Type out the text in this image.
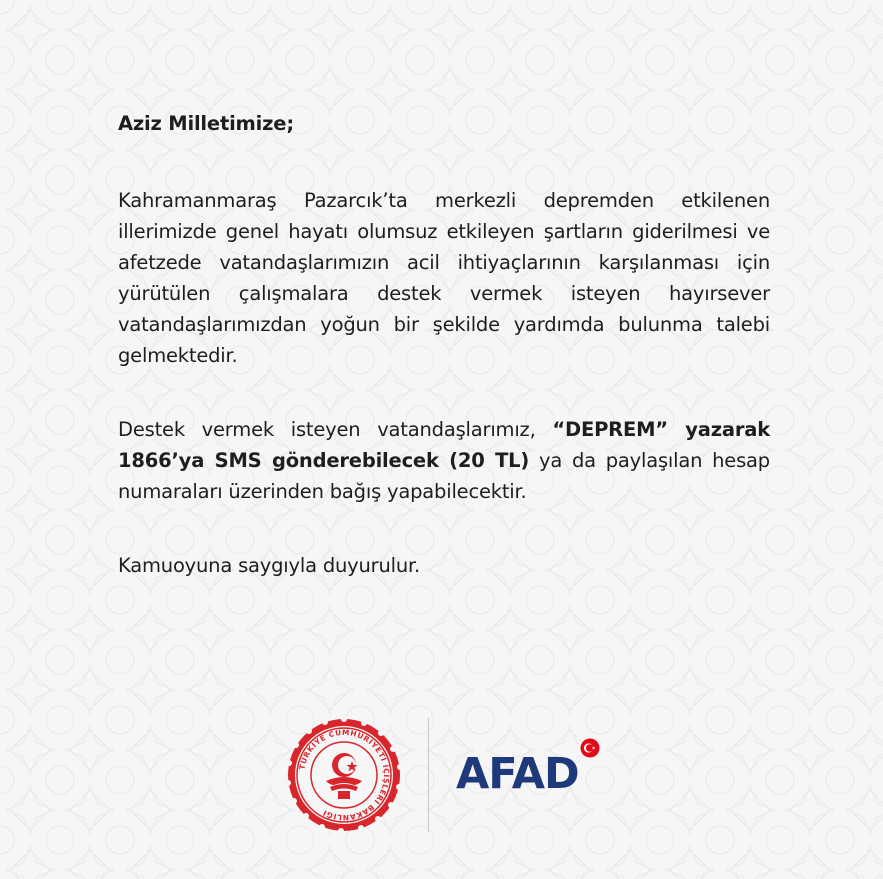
Aziz Milletimize;

Kahramanmaraş Pazarcık’ta merkezli depremden etkilenen illerimizde genel hayatı olumsuz etkileyen şartların giderilmesi ve afetzede vatandaşlarımızın acil ihtiyaçlarının karşılanması için yürütülen çalışmalara destek vermek isteyen hayırsever vatandaşlarımızdan yoğun bir şekilde yardımda bulunma talebi gelmektedir.

Destek vermek isteyen vatandaşlarımız, “DEPREM” yazarak 1866’ya SMS gönderebilecek (20 TL) ya da paylaşılan hesap numaraları üzerinden bağış yapabilecektir.

Kamuoyuna saygıyla duyurulur.

TÜRKİYE CUMHURİYETİ İÇİŞLERİ BAKANLIĞI
AFAD
